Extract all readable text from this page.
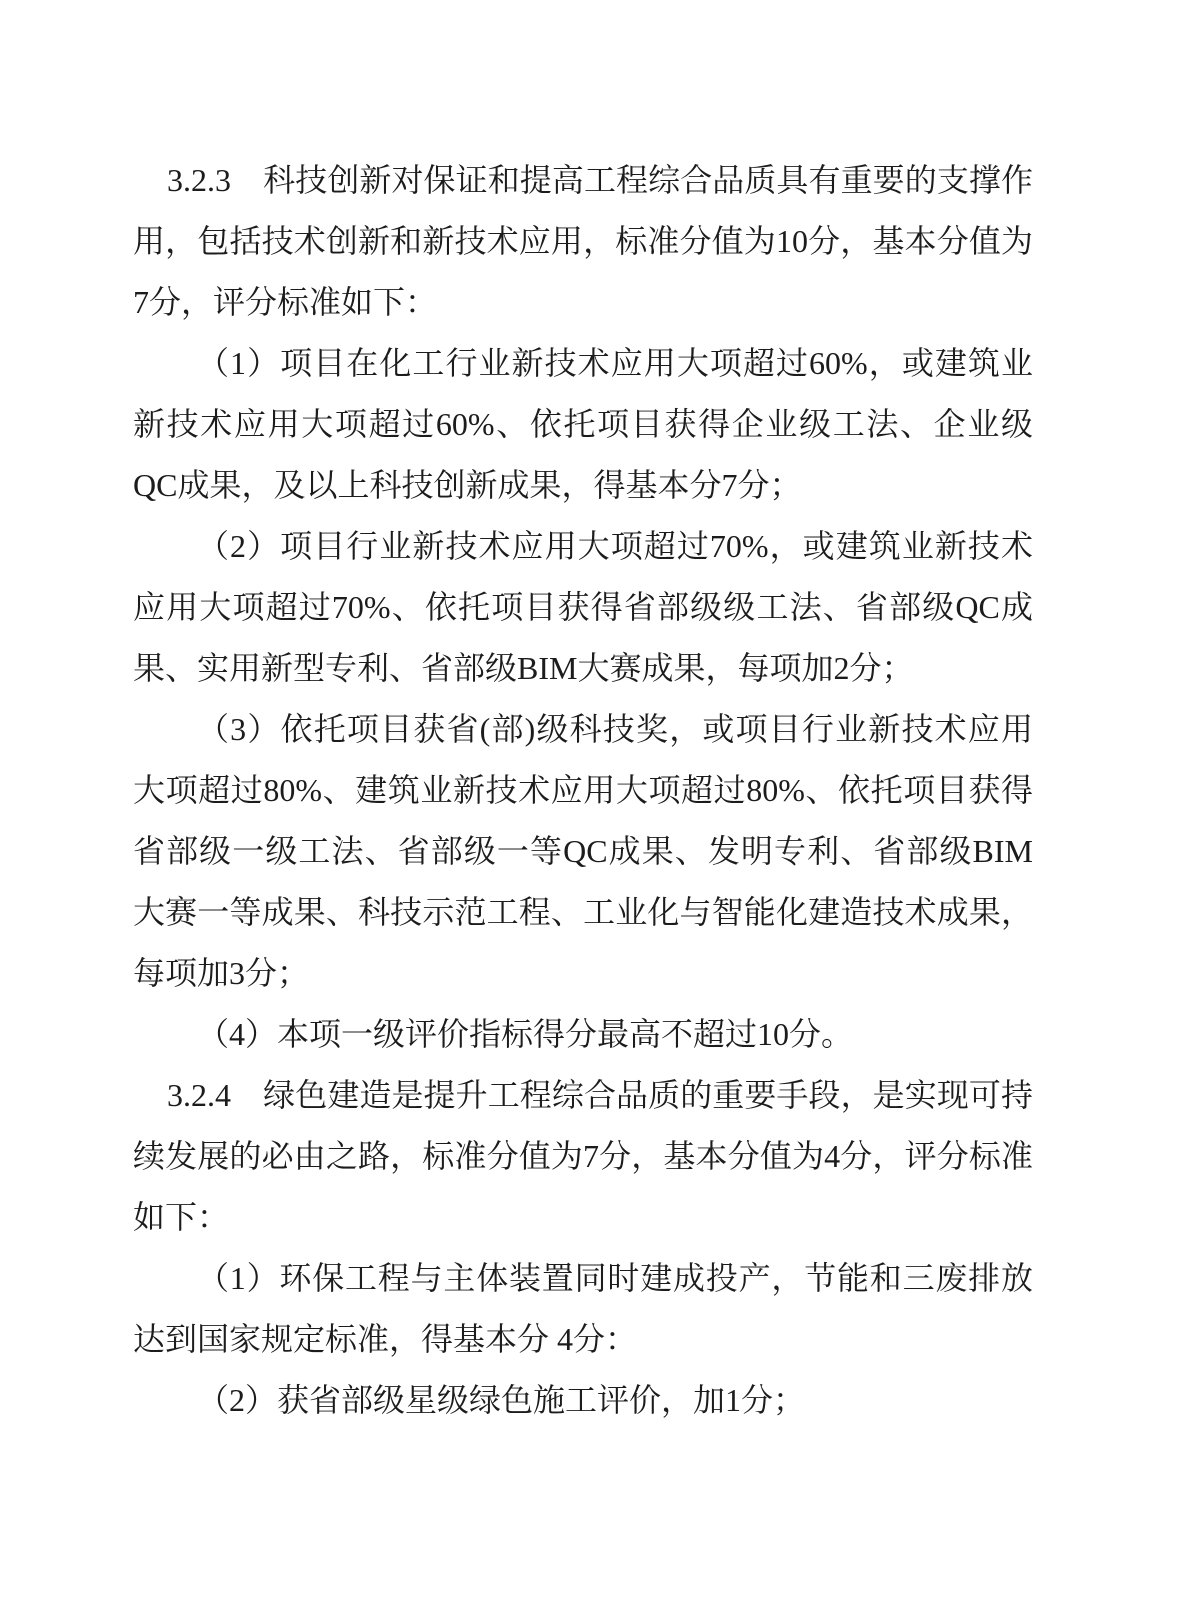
3.2.3　科技创新对保证和提高工程综合品质具有重要的支撑作用，包括技术创新和新技术应用，标准分值为10分，基本分值为7分，评分标准如下：

（1）项目在化工行业新技术应用大项超过60%，或建筑业新技术应用大项超过60%、依托项目获得企业级工法、企业级QC成果，及以上科技创新成果，得基本分7分；

（2）项目行业新技术应用大项超过70%，或建筑业新技术应用大项超过70%、依托项目获得省部级级工法、省部级QC成果、实用新型专利、省部级BIM大赛成果，每项加2分；

（3）依托项目获省(部)级科技奖，或项目行业新技术应用大项超过80%、建筑业新技术应用大项超过80%、依托项目获得省部级一级工法、省部级一等QC成果、发明专利、省部级BIM大赛一等成果、科技示范工程、工业化与智能化建造技术成果，每项加3分；

（4）本项一级评价指标得分最高不超过10分。

3.2.4　绿色建造是提升工程综合品质的重要手段，是实现可持续发展的必由之路，标准分值为7分，基本分值为4分，评分标准如下：

（1）环保工程与主体装置同时建成投产，节能和三废排放达到国家规定标准，得基本分 4分：

（2）获省部级星级绿色施工评价，加1分；
